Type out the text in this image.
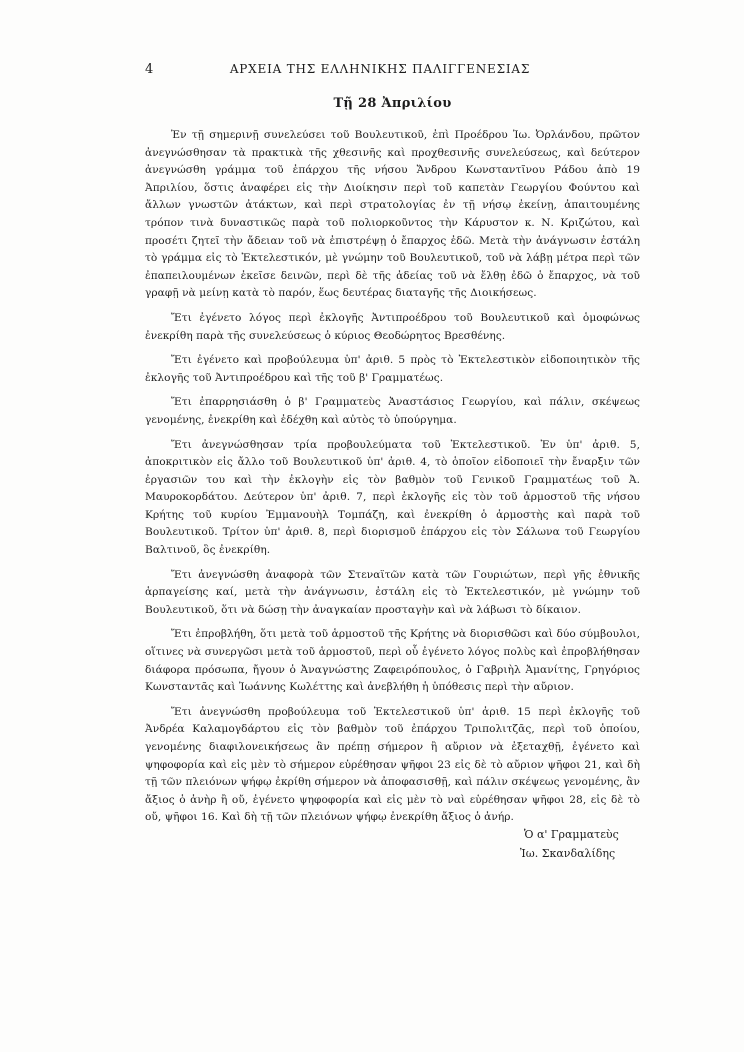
4	ΑΡΧΕΙΑ ΤΗΣ ΕΛΛΗΝΙΚΗΣ ΠΑΛΙΓΓΕΝΕΣΙΑΣ
Τῇ 28 Ἀπριλίου

Ἐν τῇ σημερινῇ συνελεύσει τοῦ Βουλευτικοῦ, ἐπὶ Προέδρου Ἰω. Ὀρλάνδου, πρῶτον ἀνεγνώσθησαν τὰ πρακτικὰ τῆς χθεσινῆς καὶ προχθεσινῆς συνελεύσεως, καὶ δεύτερον ἀνεγνώσθη γράμμα τοῦ ἐπάρχου τῆς νήσου Ἄνδρου Κωνσταντῖνου Ράδου ἀπὸ 19 Ἀπριλίου, ὅστις ἀναφέρει εἰς τὴν Διοίκησιν περὶ τοῦ καπετὰν Γεωργίου Φούντου καὶ ἄλλων γνωστῶν ἀτάκτων, καὶ περὶ στρατολογίας ἐν τῇ νήσῳ ἐκείνῃ, ἀπαιτουμένης τρόπον τινὰ δυναστικῶς παρὰ τοῦ πολιορκοῦντος τὴν Κάρυστον κ. Ν. Κριζώτου, καὶ προσέτι ζητεῖ τὴν ἄδειαν τοῦ νὰ ἐπιστρέψῃ ὁ ἔπαρχος ἐδῶ. Μετὰ τὴν ἀνάγνωσιν ἐστάλη τὸ γράμμα εἰς τὸ Ἐκτελεστικόν, μὲ γνώμην τοῦ Βουλευτικοῦ, τοῦ νὰ λάβῃ μέτρα περὶ τῶν ἐπαπειλουμένων ἐκεῖσε δεινῶν, περὶ δὲ τῆς ἀδείας τοῦ νὰ ἔλθῃ ἐδῶ ὁ ἔπαρχος, νὰ τοῦ γραφῇ νὰ μείνῃ κατὰ τὸ παρόν, ἕως δευτέρας διαταγῆς τῆς Διοικήσεως.

Ἔτι ἐγένετο λόγος περὶ ἐκλογῆς Ἀντιπροέδρου τοῦ Βουλευτικοῦ καὶ ὁμοφώνως ἐνεκρίθη παρὰ τῆς συνελεύσεως ὁ κύριος Θεοδώρητος Βρεσθένης.

Ἔτι ἐγένετο καὶ προβούλευμα ὑπ' ἀριθ. 5 πρὸς τὸ Ἐκτελεστικὸν εἰδοποιητικὸν τῆς ἐκλογῆς τοῦ Ἀντιπροέδρου καὶ τῆς τοῦ β' Γραμματέως.

Ἔτι ἐπαρρησιάσθη ὁ β' Γραμματεὺς Ἀναστάσιος Γεωργίου, καὶ πάλιν, σκέψεως γενομένης, ἐνεκρίθη καὶ ἐδέχθη καὶ αὐτὸς τὸ ὑπούργημα.

Ἔτι ἀνεγνώσθησαν τρία προβουλεύματα τοῦ Ἐκτελεστικοῦ. Ἐν ὑπ' ἀριθ. 5, ἀποκριτικὸν εἰς ἄλλο τοῦ Βουλευτικοῦ ὑπ' ἀριθ. 4, τὸ ὁποῖον εἰδοποιεῖ τὴν ἔναρξιν τῶν ἐργασιῶν του καὶ τὴν ἐκλογὴν εἰς τὸν βαθμὸν τοῦ Γενικοῦ Γραμματέως τοῦ Ἀ. Μαυροκορδάτου. Δεύτερον ὑπ' ἀριθ. 7, περὶ ἐκλογῆς εἰς τὸν τοῦ ἁρμοστοῦ τῆς νήσου Κρήτης τοῦ κυρίου Ἐμμανουὴλ Τομπάζη, καὶ ἐνεκρίθη ὁ ἁρμοστὴς καὶ παρὰ τοῦ Βουλευτικοῦ. Τρίτον ὑπ' ἀριθ. 8, περὶ διορισμοῦ ἐπάρχου εἰς τὸν Σάλωνα τοῦ Γεωργίου Βαλτινοῦ, ὃς ἐνεκρίθη.

Ἔτι ἀνεγνώσθη ἀναφορὰ τῶν Στεναϊτῶν κατὰ τῶν Γουριώτων, περὶ γῆς ἐθνικῆς ἁρπαγείσης καί, μετὰ τὴν ἀνάγνωσιν, ἐστάλη εἰς τὸ Ἐκτελεστικόν, μὲ γνώμην τοῦ Βουλευτικοῦ, ὅτι νὰ δώσῃ τὴν ἀναγκαίαν προσταγὴν καὶ νὰ λάβωσι τὸ δίκαιον.

Ἔτι ἐπροβλήθη, ὅτι μετὰ τοῦ ἁρμοστοῦ τῆς Κρήτης νὰ διορισθῶσι καὶ δύο σύμβουλοι, οἵτινες νὰ συνεργῶσι μετὰ τοῦ ἁρμοστοῦ, περὶ οὗ ἐγένετο λόγος πολὺς καὶ ἐπροβλήθησαν διάφορα πρόσωπα, ἤγουν ὁ Ἀναγνώστης Ζαφειρόπουλος, ὁ Γαβριὴλ Ἀμανίτης, Γρηγόριος Κωνσταντᾶς καὶ Ἰωάννης Κωλέττης καὶ ἀνεβλήθη ἡ ὑπόθεσις περὶ τὴν αὔριον.

Ἔτι ἀνεγνώσθη προβούλευμα τοῦ Ἐκτελεστικοῦ ὑπ' ἀριθ. 15 περὶ ἐκλογῆς τοῦ Ἀνδρέα Καλαμογδάρτου εἰς τὸν βαθμὸν τοῦ ἐπάρχου Τριπολιτζᾶς, περὶ τοῦ ὁποίου, γενομένης διαφιλονεικήσεως ἂν πρέπῃ σήμερον ἢ αὔριον νὰ ἐξεταχθῇ, ἐγένετο καὶ ψηφοφορία καὶ εἰς μὲν τὸ σήμερον εὑρέθησαν ψῆφοι 23 εἰς δὲ τὸ αὔριον ψῆφοι 21, καὶ δὴ τῇ τῶν πλειόνων ψήφῳ ἐκρίθη σήμερον νὰ ἀποφασισθῇ, καὶ πάλιν σκέψεως γενομένης, ἂν ἄξιος ὁ ἀνὴρ ἢ οὔ, ἐγένετο ψηφοφορία καὶ εἰς μὲν τὸ ναὶ εὑρέθησαν ψῆφοι 28, εἰς δὲ τὸ οὔ, ψῆφοι 16. Καὶ δὴ τῇ τῶν πλειόνων ψήφῳ ἐνεκρίθη ἄξιος ὁ ἀνήρ.

Ὁ α' Γραμματεὺς
Ἰω. Σκανδαλίδης
